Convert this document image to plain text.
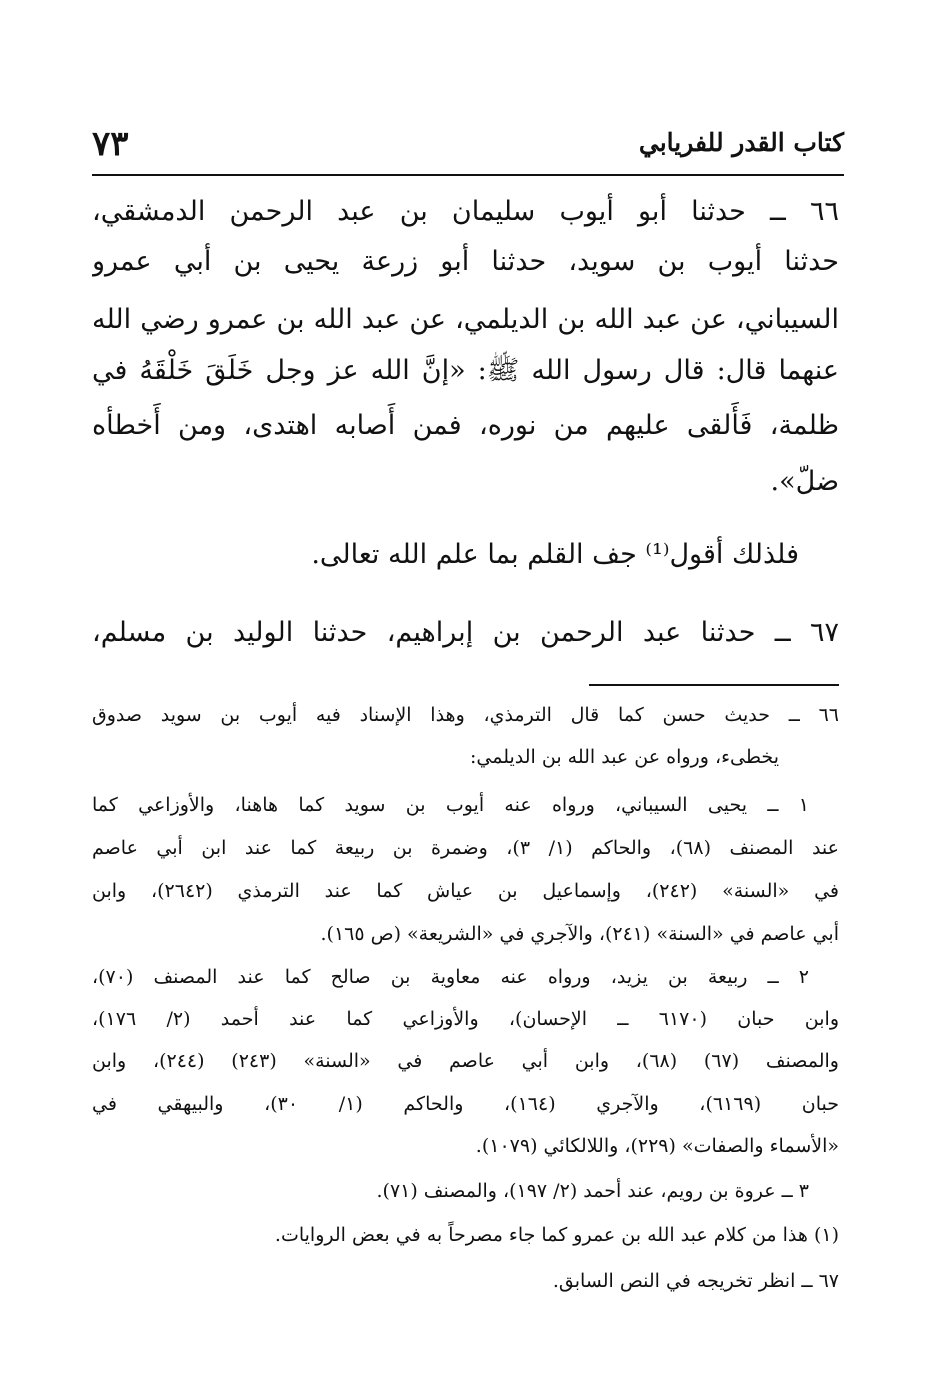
كتاب القدر للفريابي
٧٣
٦٦ ــ حدثنا أبو أيوب سليمان بن عبد الرحمن الدمشقي،
حدثنا أيوب بن سويد، حدثنا أبو زرعة يحيى بن أبي عمرو
السيباني، عن عبد الله بن الديلمي، عن عبد الله بن عمرو رضي الله
عنهما قال: قال رسول الله ﷺ: «إنَّ الله عز وجل خَلَقَ خَلْقَهُ في
ظلمة، فَأَلقى عليهم من نوره، فمن أَصابه اهتدى، ومن أَخطأه
ضلّ».
فلذلك أقول⁽¹⁾ جف القلم بما علم الله تعالى.
٦٧ ــ حدثنا عبد الرحمن بن إبراهيم، حدثنا الوليد بن مسلم،
٦٦ ــ حديث حسن كما قال الترمذي، وهذا الإسناد فيه أيوب بن سويد صدوق
يخطىء، ورواه عن عبد الله بن الديلمي:
١ ــ يحيى السيباني، ورواه عنه أيوب بن سويد كما هاهنا، والأوزاعي كما
عند المصنف (٦٨)، والحاكم (١/ ٣)، وضمرة بن ربيعة كما عند ابن أبي عاصم
في «السنة» (٢٤٢)، وإسماعيل بن عياش كما عند الترمذي (٢٦٤٢)، وابن
أبي عاصم في «السنة» (٢٤١)، والآجري في «الشريعة» (ص ١٦٥).
٢ ــ ربيعة بن يزيد، ورواه عنه معاوية بن صالح كما عند المصنف (٧٠)،
وابن حبان (٦١٧٠ ــ الإحسان)، والأوزاعي كما عند أحمد (٢/ ١٧٦)،
والمصنف (٦٧) (٦٨)، وابن أبي عاصم في «السنة» (٢٤٣) (٢٤٤)، وابن
حبان (٦١٦٩)، والآجري (١٦٤)، والحاكم (١/ ٣٠)، والبيهقي في
«الأسماء والصفات» (٢٢٩)، واللالكائي (١٠٧٩).
٣ ــ عروة بن رويم، عند أحمد (٢/ ١٩٧)، والمصنف (٧١).
(١) هذا من كلام عبد الله بن عمرو كما جاء مصرحاً به في بعض الروايات.
٦٧ ــ انظر تخريجه في النص السابق.
